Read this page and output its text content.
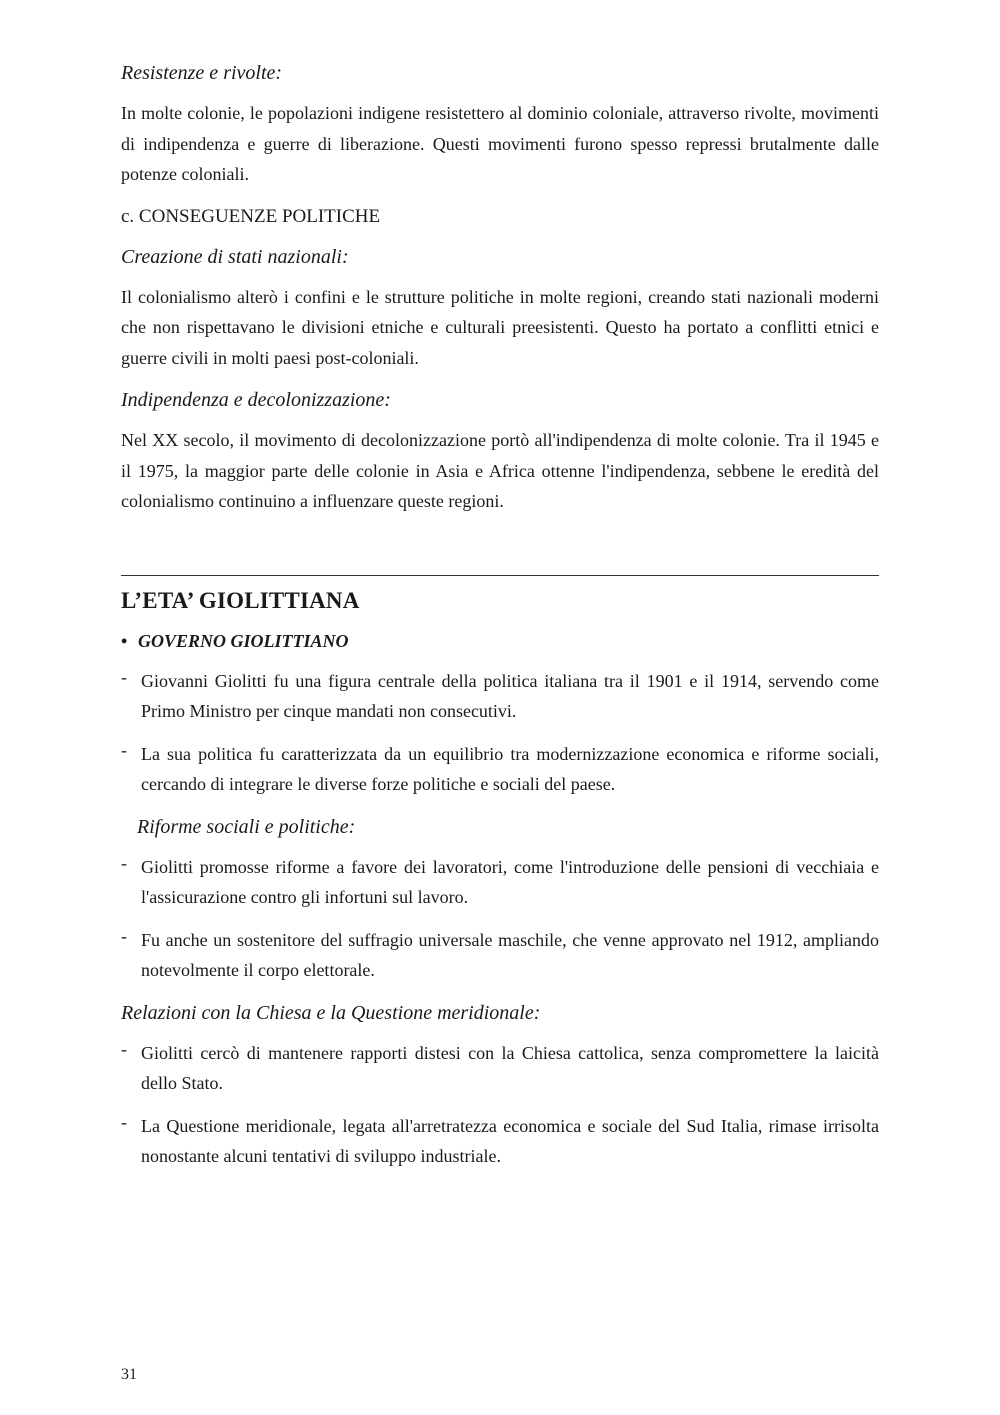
Resistenze e rivolte:

In molte colonie, le popolazioni indigene resistettero al dominio coloniale, attraverso rivolte, movimenti di indipendenza e guerre di liberazione. Questi movimenti furono spesso repressi brutalmente dalle potenze coloniali.

c. CONSEGUENZE POLITICHE

Creazione di stati nazionali:

Il colonialismo alterò i confini e le strutture politiche in molte regioni, creando stati nazionali moderni che non rispettavano le divisioni etniche e culturali preesistenti. Questo ha portato a conflitti etnici e guerre civili in molti paesi post-coloniali.

Indipendenza e decolonizzazione:

Nel XX secolo, il movimento di decolonizzazione portò all'indipendenza di molte colonie. Tra il 1945 e il 1975, la maggior parte delle colonie in Asia e Africa ottenne l'indipendenza, sebbene le eredità del colonialismo continuino a influenzare queste regioni.

L’ETA’ GIOLITTIANA
• GOVERNO GIOLITTIANO
- Giovanni Giolitti fu una figura centrale della politica italiana tra il 1901 e il 1914, servendo come Primo Ministro per cinque mandati non consecutivi.
- La sua politica fu caratterizzata da un equilibrio tra modernizzazione economica e riforme sociali, cercando di integrare le diverse forze politiche e sociali del paese.

Riforme sociali e politiche:

- Giolitti promosse riforme a favore dei lavoratori, come l'introduzione delle pensioni di vecchiaia e l'assicurazione contro gli infortuni sul lavoro.
- Fu anche un sostenitore del suffragio universale maschile, che venne approvato nel 1912, ampliando notevolmente il corpo elettorale.

Relazioni con la Chiesa e la Questione meridionale:

- Giolitti cercò di mantenere rapporti distesi con la Chiesa cattolica, senza compromettere la laicità dello Stato.
- La Questione meridionale, legata all'arretratezza economica e sociale del Sud Italia, rimase irrisolta nonostante alcuni tentativi di sviluppo industriale.
31
